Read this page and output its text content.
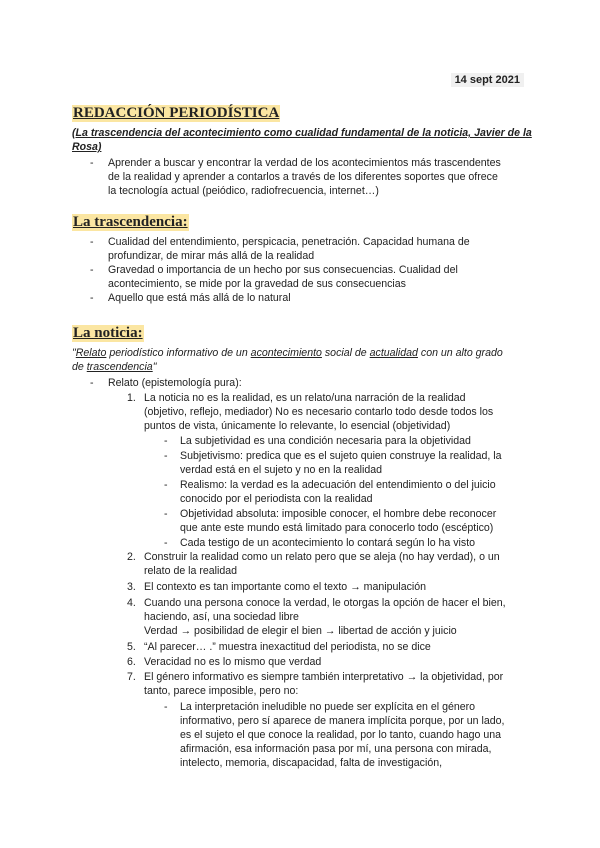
14 sept 2021
REDACCIÓN PERIODÍSTICA
(La trascendencia del acontecimiento como cualidad fundamental de la noticia, Javier de la Rosa)
- Aprender a buscar y encontrar la verdad de los acontecimientos más trascendentes
de la realidad y aprender a contarlos a través de los diferentes soportes que ofrece
la tecnología actual (peiódico, radiofrecuencia, internet…)
La trascendencia:
- Cualidad del entendimiento, perspicacia, penetración. Capacidad humana de
profundizar, de mirar más allá de la realidad
- Gravedad o importancia de un hecho por sus consecuencias. Cualidad del
acontecimiento, se mide por la gravedad de sus consecuencias
- Aquello que está más allá de lo natural
La noticia:
"Relato periodístico informativo de un acontecimiento social de actualidad con un alto grado
de trascendencia"
- Relato (epistemología pura):
1. La noticia no es la realidad, es un relato/una narración de la realidad
(objetivo, reflejo, mediador) No es necesario contarlo todo desde todos los
puntos de vista, únicamente lo relevante, lo esencial (objetividad)
- La subjetividad es una condición necesaria para la objetividad
- Subjetivismo: predica que es el sujeto quien construye la realidad, la
verdad está en el sujeto y no en la realidad
- Realismo: la verdad es la adecuación del entendimiento o del juicio
conocido por el periodista con la realidad
- Objetividad absoluta: imposible conocer, el hombre debe reconocer
que ante este mundo está limitado para conocerlo todo (escéptico)
- Cada testigo de un acontecimiento lo contará según lo ha visto
2. Construir la realidad como un relato pero que se aleja (no hay verdad), o un
relato de la realidad
3. El contexto es tan importante como el texto → manipulación
4. Cuando una persona conoce la verdad, le otorgas la opción de hacer el bien,
haciendo, así, una sociedad libre
Verdad → posibilidad de elegir el bien → libertad de acción y juicio
5. “Al parecer… .” muestra inexactitud del periodista, no se dice
6. Veracidad no es lo mismo que verdad
7. El género informativo es siempre también interpretativo → la objetividad, por
tanto, parece imposible, pero no:
- La interpretación ineludible no puede ser explícita en el género
informativo, pero sí aparece de manera implícita porque, por un lado,
es el sujeto el que conoce la realidad, por lo tanto, cuando hago una
afirmación, esa información pasa por mí, una persona con mirada,
intelecto, memoria, discapacidad, falta de investigación,
